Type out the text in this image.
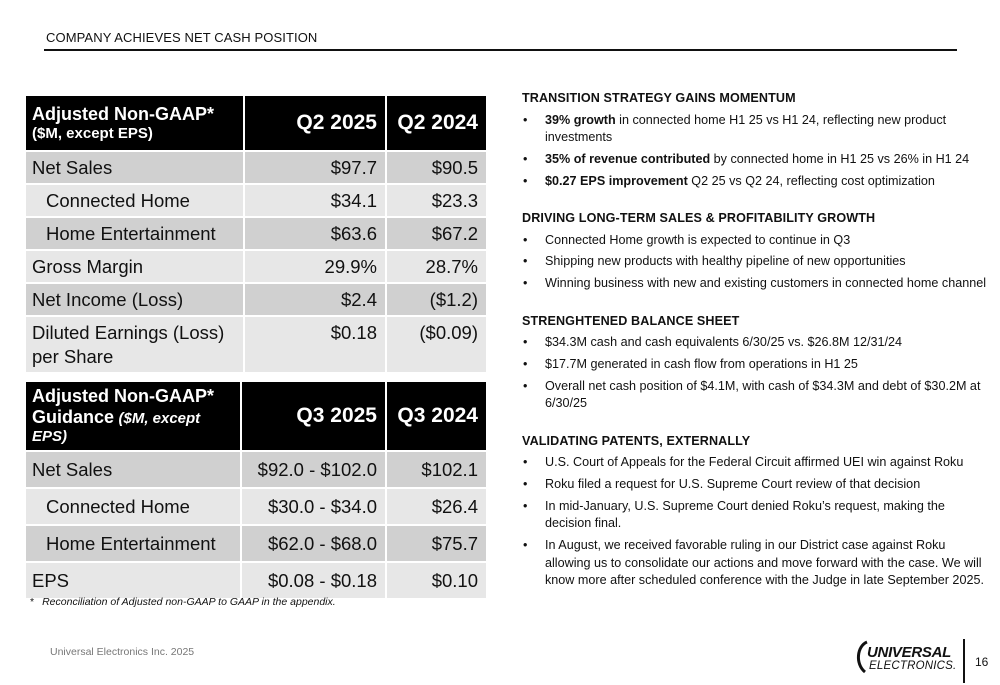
COMPANY ACHIEVES NET CASH POSITION
Adjusted Non-GAAP*
($M, except EPS)	Q2 2025	Q2 2024
Net Sales	$97.7	$90.5
Connected Home	$34.1	$23.3
Home Entertainment	$63.6	$67.2
Gross Margin	29.9%	28.7%
Net Income (Loss)	$2.4	($1.2)
Diluted Earnings (Loss) per Share	$0.18	($0.09)
Adjusted Non-GAAP*
Guidance ($M, except EPS)	Q3 2025	Q3 2024
Net Sales	$92.0 - $102.0	$102.1
Connected Home	$30.0 - $34.0	$26.4
Home Entertainment	$62.0 - $68.0	$75.7
EPS	$0.08 - $0.18	$0.10
* Reconciliation of Adjusted non-GAAP to GAAP in the appendix.
TRANSITION STRATEGY GAINS MOMENTUM
• 39% growth in connected home H1 25 vs H1 24, reflecting new product investments
• 35% of revenue contributed by connected home in H1 25 vs 26% in H1 24
• $0.27 EPS improvement Q2 25 vs Q2 24, reflecting cost optimization
DRIVING LONG-TERM SALES & PROFITABILITY GROWTH
• Connected Home growth is expected to continue in Q3
• Shipping new products with healthy pipeline of new opportunities
• Winning business with new and existing customers in connected home channel
STRENGHTENED BALANCE SHEET
• $34.3M cash and cash equivalents 6/30/25 vs. $26.8M 12/31/24
• $17.7M generated in cash flow from operations in H1 25
• Overall net cash position of $4.1M, with cash of $34.3M and debt of $30.2M at 6/30/25
VALIDATING PATENTS, EXTERNALLY
• U.S. Court of Appeals for the Federal Circuit affirmed UEI win against Roku
• Roku filed a request for U.S. Supreme Court review of that decision
• In mid-January, U.S. Supreme Court denied Roku’s request, making the decision final.
• In August, we received favorable ruling in our District case against Roku allowing us to consolidate our actions and move forward with the case. We will know more after scheduled conference with the Judge in late September 2025.
Universal Electronics Inc. 2025	UNIVERSAL
ELECTRONICS. 16
